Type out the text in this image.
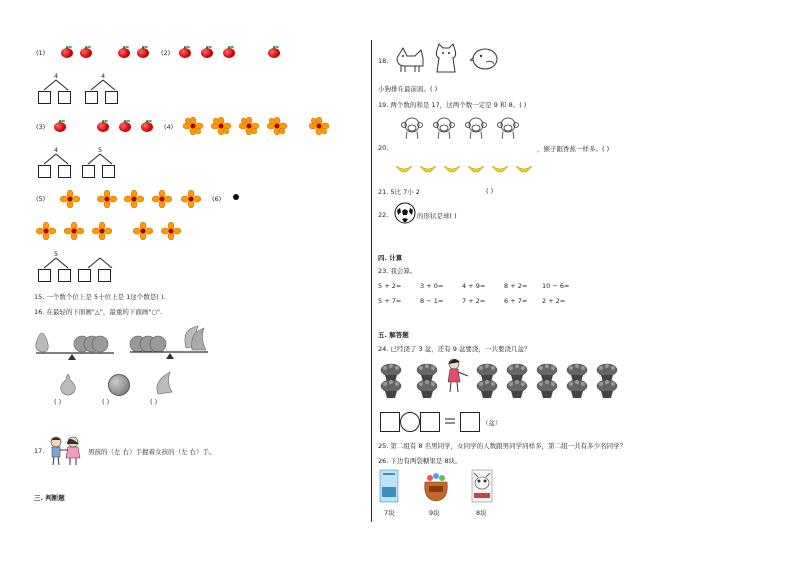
(1)	(2)
4	4
(3)	(4)
4	5
(5)	(6)
5
15. 一个数个位上是 5十位上是 1这个数是( ).
16. 在最轻的下面画"△"，最重的下面画"○".
( )	( )	( )
17.	男孩的（左 右）手握着女孩的（左 右）手。
三. 判断题
18.
小狗排在最前面。( )
19. 两个数的和是 17，这两个数一定是 9 和 8。( )
20.	，猴子跟香蕉一样多。( )
21. 5比 7小 2	( )
22.	的形状是球( )
四. 计算
23. 我会算。
5 + 2=	3 + 0=	4 + 9=	8 + 2= 10 − 6=
5 + 7=	8 − 1=	7 + 2=	6 + 7= 2 + 2=
五. 解答题
24. 已经浇了 3 盆，还有 9 盆要浇，一共要浇几盆？
（盆）
25. 第二组有 8 名男同学，女同学的人数跟男同学同样多，第二组一共有多少名同学？
26. 下边有两袋糖果是 8块。
7块	9块	8块
